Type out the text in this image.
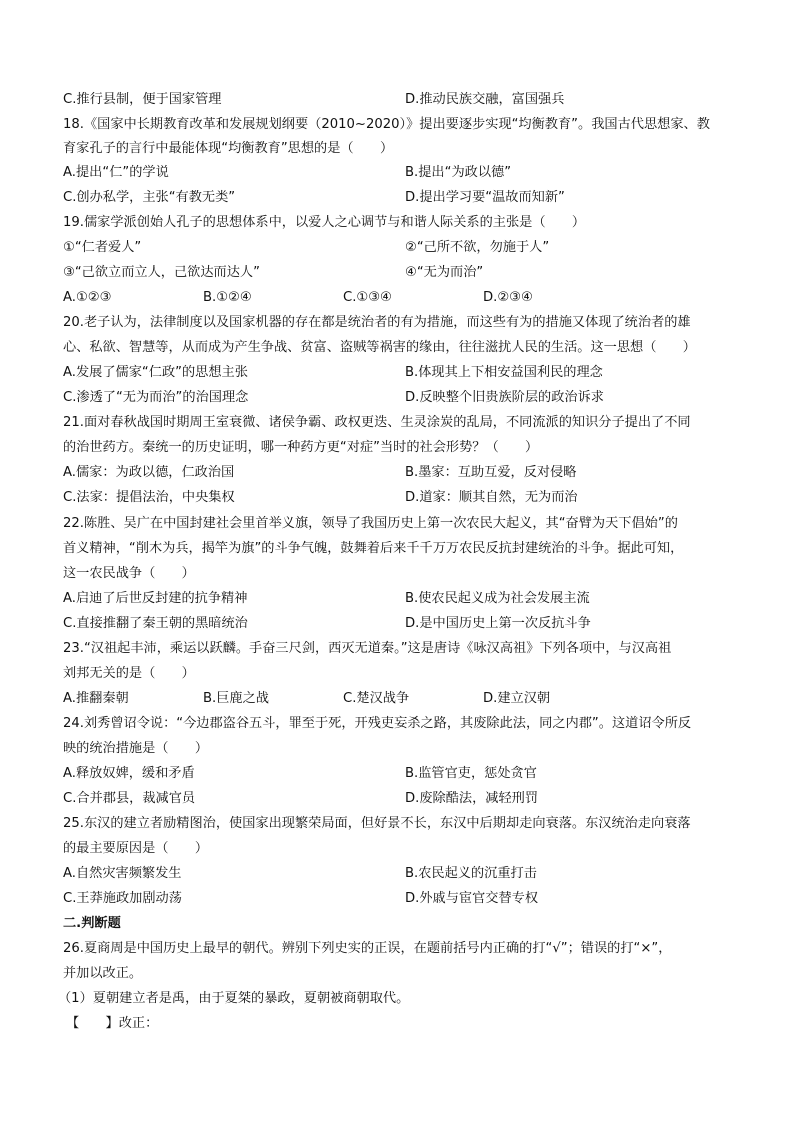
C.推行县制，便于国家管理	D.推动民族交融，富国强兵
18.《国家中长期教育改革和发展规划纲要（2010~2020）》提出要逐步实现“均衡教育”。我国古代思想家、教
育家孔子的言行中最能体现“均衡教育”思想的是（　　）
A.提出“仁”的学说	B.提出“为政以德”
C.创办私学，主张“有教无类”	D.提出学习要“温故而知新”
19.儒家学派创始人孔子的思想体系中，以爱人之心调节与和谐人际关系的主张是（　　）
①“仁者爱人”	②“己所不欲，勿施于人”
③“己欲立而立人，己欲达而达人”	④“无为而治”
A.①②③	B.①②④	C.①③④	D.②③④
20.老子认为，法律制度以及国家机器的存在都是统治者的有为措施，而这些有为的措施又体现了统治者的雄
心、私欲、智慧等，从而成为产生争战、贫富、盗贼等祸害的缘由，往往滋扰人民的生活。这一思想（　　）
A.发展了儒家“仁政”的思想主张	B.体现其上下相安益国利民的理念
C.渗透了“无为而治”的治国理念	D.反映整个旧贵族阶层的政治诉求
21.面对春秋战国时期周王室衰微、诸侯争霸、政权更迭、生灵涂炭的乱局，不同流派的知识分子提出了不同
的治世药方。秦统一的历史证明，哪一种药方更“对症”当时的社会形势？（　　）
A.儒家：为政以德，仁政治国	B.墨家：互助互爱，反对侵略
C.法家：提倡法治，中央集权	D.道家：顺其自然，无为而治
22.陈胜、吴广在中国封建社会里首举义旗，领导了我国历史上第一次农民大起义，其“奋臂为天下倡始”的
首义精神，“削木为兵，揭竿为旗”的斗争气魄，鼓舞着后来千千万万农民反抗封建统治的斗争。据此可知，
这一农民战争（　　）
A.启迪了后世反封建的抗争精神	B.使农民起义成为社会发展主流
C.直接推翻了秦王朝的黑暗统治	D.是中国历史上第一次反抗斗争
23.“汉祖起丰沛，乘运以跃麟。手奋三尺剑，西灭无道秦。”这是唐诗《咏汉高祖》下列各项中，与汉高祖
刘邦无关的是（　　）
A.推翻秦朝	B.巨鹿之战	C.楚汉战争	D.建立汉朝
24.刘秀曾诏令说：“今边郡盗谷五斗，罪至于死，开残吏妄杀之路，其废除此法，同之内郡”。这道诏令所反
映的统治措施是（　　）
A.释放奴婢，缓和矛盾	B.监管官吏，惩处贪官
C.合并郡县，裁减官员	D.废除酷法，减轻刑罚
25.东汉的建立者励精图治，使国家出现繁荣局面，但好景不长，东汉中后期却走向衰落。东汉统治走向衰落
的最主要原因是（　　）
A.自然灾害频繁发生	B.农民起义的沉重打击
C.王莽施政加剧动荡	D.外戚与宦官交替专权
二.判断题
26.夏商周是中国历史上最早的朝代。辨别下列史实的正误，在题前括号内正确的打“√”；错误的打“×”，
并加以改正。
（1）夏朝建立者是禹，由于夏桀的暴政，夏朝被商朝取代。
【　　】改正：
